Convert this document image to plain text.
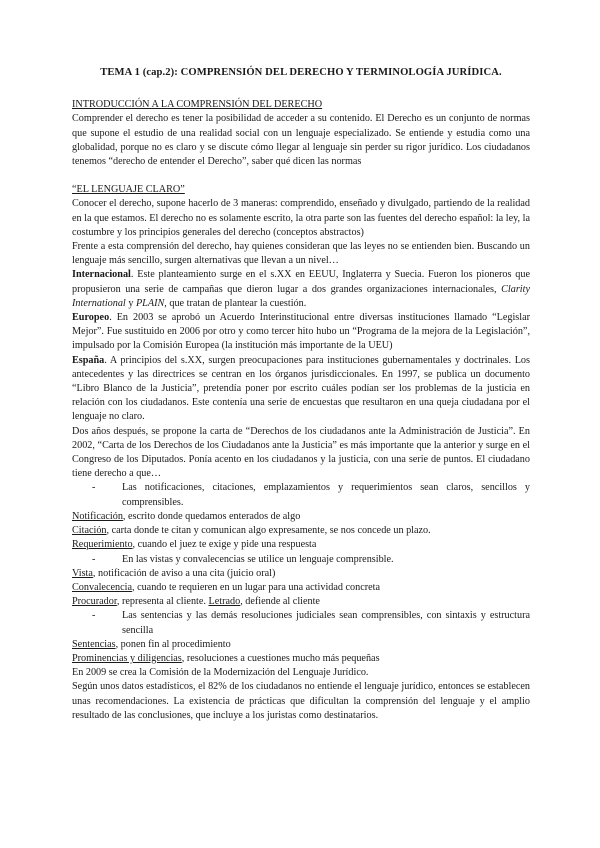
TEMA 1 (cap.2): COMPRENSIÓN DEL DERECHO Y TERMINOLOGÍA JURÍDICA.

INTRODUCCIÓN A LA COMPRENSIÓN DEL DERECHO

Comprender el derecho es tener la posibilidad de acceder a su contenido. El Derecho es un conjunto de normas que supone el estudio de una realidad social con un lenguaje especializado. Se entiende y estudia como una globalidad, porque no es claro y se discute cómo llegar al lenguaje sin perder su rigor jurídico. Los ciudadanos tenemos “derecho de entender el Derecho”, saber qué dicen las normas

“EL LENGUAJE CLARO”

Conocer el derecho, supone hacerlo de 3 maneras: comprendido, enseñado y divulgado, partiendo de la realidad en la que estamos. El derecho no es solamente escrito, la otra parte son las fuentes del derecho español: la ley, la costumbre y los principios generales del derecho (conceptos abstractos)

Frente a esta comprensión del derecho, hay quienes consideran que las leyes no se entienden bien. Buscando un lenguaje más sencillo, surgen alternativas que llevan a un nivel…

Internacional. Este planteamiento surge en el s.XX en EEUU, Inglaterra y Suecia. Fueron los pioneros que propusieron una serie de campañas que dieron lugar a dos grandes organizaciones internacionales, Clarity International y PLAIN, que tratan de plantear la cuestión.

Europeo. En 2003 se aprobó un Acuerdo Interinstitucional entre diversas instituciones llamado “Legislar Mejor”. Fue sustituido en 2006 por otro y como tercer hito hubo un “Programa de la mejora de la Legislación”, impulsado por la Comisión Europea (la institución más importante de la UEU)

España. A principios del s.XX, surgen preocupaciones para instituciones gubernamentales y doctrinales. Los antecedentes y las directrices se centran en los órganos jurisdiccionales. En 1997, se publica un documento “Libro Blanco de la Justicia”, pretendía poner por escrito cuáles podían ser los problemas de la justicia en relación con los ciudadanos. Este contenía una serie de encuestas que resultaron en una queja ciudadana por el lenguaje no claro.

Dos años después, se propone la carta de “Derechos de los ciudadanos ante la Administración de Justicia”. En 2002, “Carta de los Derechos de los Ciudadanos ante la Justicia” es más importante que la anterior y surge en el Congreso de los Diputados. Ponía acento en los ciudadanos y la justicia, con una serie de puntos. El ciudadano tiene derecho a que…

- Las notificaciones, citaciones, emplazamientos y requerimientos sean claros, sencillos y comprensibles.

Notificación, escrito donde quedamos enterados de algo

Citación, carta donde te citan y comunican algo expresamente, se nos concede un plazo.

Requerimiento, cuando el juez te exige y pide una respuesta

- En las vistas y convalecencias se utilice un lenguaje comprensible.

Vista, notificación de aviso a una cita (juicio oral)

Convalecencia, cuando te requieren en un lugar para una actividad concreta

Procurador, representa al cliente. Letrado, defiende al cliente

- Las sentencias y las demás resoluciones judiciales sean comprensibles, con sintaxis y estructura sencilla

Sentencias, ponen fin al procedimiento

Prominencias y diligencias, resoluciones a cuestiones mucho más pequeñas

En 2009 se crea la Comisión de la Modernización del Lenguaje Jurídico.

Según unos datos estadísticos, el 82% de los ciudadanos no entiende el lenguaje jurídico, entonces se establecen unas recomendaciones. La existencia de prácticas que dificultan la comprensión del lenguaje y el amplio resultado de las conclusiones, que incluye a los juristas como destinatarios.
